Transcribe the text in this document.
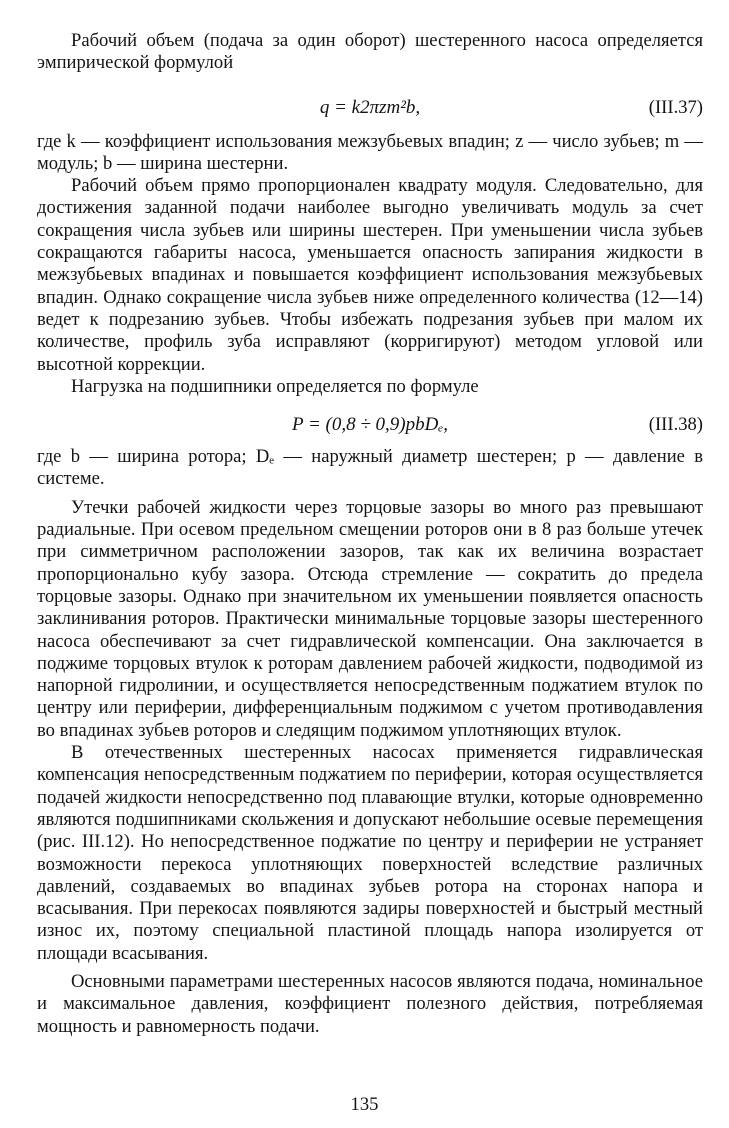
Рабочий объем (подача за один оборот) шестеренного насоса определяется эмпирической формулой

q = k2πzm²b,	(III.37)

где k — коэффициент использования межзубьевых впадин; z — число зубьев; m — модуль; b — ширина шестерни.

Рабочий объем прямо пропорционален квадрату модуля. Следовательно, для достижения заданной подачи наиболее выгодно увеличивать модуль за счет сокращения числа зубьев или ширины шестерен. При уменьшении числа зубьев сокращаются габариты насоса, уменьшается опасность запирания жидкости в межзубьевых впадинах и повышается коэффициент использования межзубьевых впадин. Однако сокращение числа зубьев ниже определенного количества (12—14) ведет к подрезанию зубьев. Чтобы избежать подрезания зубьев при малом их количестве, профиль зуба исправляют (корригируют) методом угловой или высотной коррекции.

Нагрузка на подшипники определяется по формуле

P = (0,8 ÷ 0,9)pbDₑ,	(III.38)

где b — ширина ротора; Dₑ — наружный диаметр шестерен; p — давление в системе.

Утечки рабочей жидкости через торцовые зазоры во много раз превышают радиальные. При осевом предельном смещении роторов они в 8 раз больше утечек при симметричном расположении зазоров, так как их величина возрастает пропорционально кубу зазора. Отсюда стремление — сократить до предела торцовые зазоры. Однако при значительном их уменьшении появляется опасность заклинивания роторов. Практически минимальные торцовые зазоры шестеренного насоса обеспечивают за счет гидравлической компенсации. Она заключается в поджиме торцовых втулок к роторам давлением рабочей жидкости, подводимой из напорной гидролинии, и осуществляется непосредственным поджатием втулок по центру или периферии, дифференциальным поджимом с учетом противодавления во впадинах зубьев роторов и следящим поджимом уплотняющих втулок.

В отечественных шестеренных насосах применяется гидравлическая компенсация непосредственным поджатием по периферии, которая осуществляется подачей жидкости непосредственно под плавающие втулки, которые одновременно являются подшипниками скольжения и допускают небольшие осевые перемещения (рис. III.12). Но непосредственное поджатие по центру и периферии не устраняет возможности перекоса уплотняющих поверхностей вследствие различных давлений, создаваемых во впадинах зубьев ротора на сторонах напора и всасывания. При перекосах появляются задиры поверхностей и быстрый местный износ их, поэтому специальной пластиной площадь напора изолируется от площади всасывания.

Основными параметрами шестеренных насосов являются подача, номинальное и максимальное давления, коэффициент полезного действия, потребляемая мощность и равномерность подачи.

135
